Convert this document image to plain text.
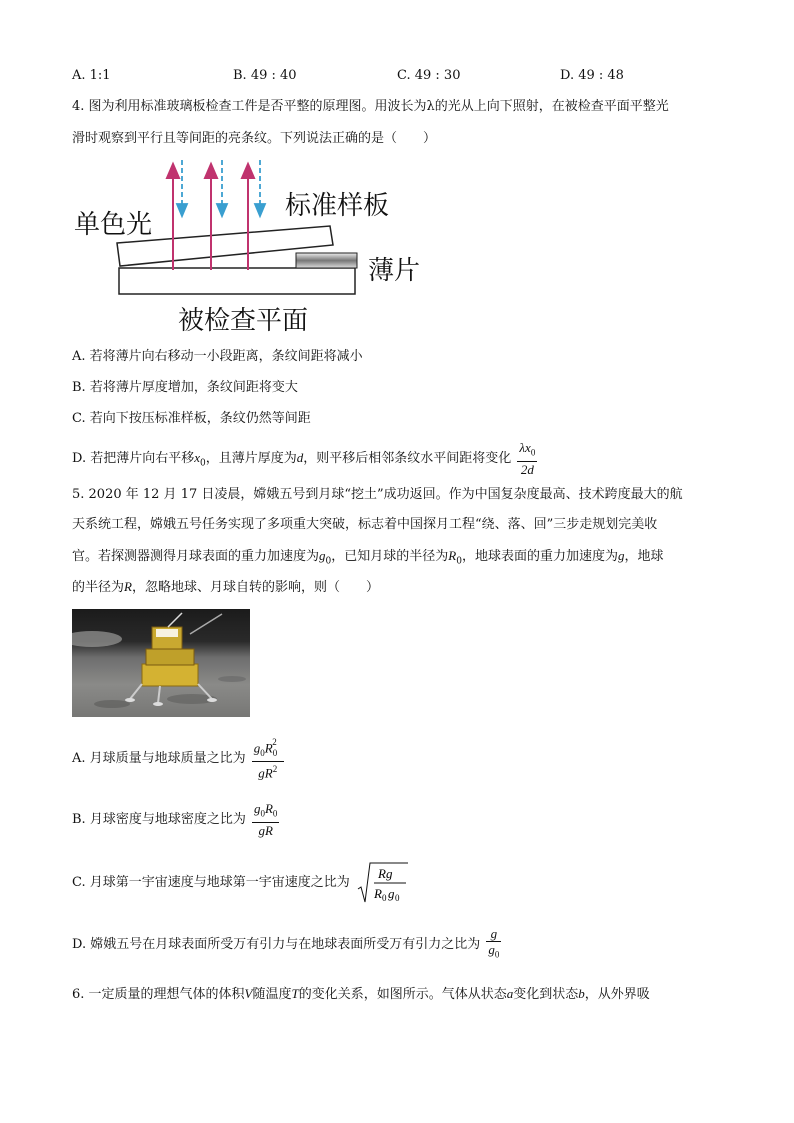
A. 1:1	B. 49 : 40	C. 49 : 30	D. 49 : 48
4. 图为利用标准玻璃板检查工件是否平整的原理图。用波长为λ的光从上向下照射，在被检查平面平整光
滑时观察到平行且等间距的亮条纹。下列说法正确的是（　　）
单色光
标准样板
薄片
被检查平面
A. 若将薄片向右移动一小段距离，条纹间距将减小
B. 若将薄片厚度增加，条纹间距将变大
C. 若向下按压标准样板，条纹仍然等间距
D. 若把薄片向右平移$x_0$，且薄片厚度为d，则平移后相邻条纹水平间距将变化 $\frac{\lambda x_0}{2d}$
5. 2020 年 12 月 17 日凌晨，嫦娥五号到月球“挖土”成功返回。作为中国复杂度最高、技术跨度最大的航
天系统工程，嫦娥五号任务实现了多项重大突破，标志着中国探月工程“绕、落、回”三步走规划完美收
官。若探测器测得月球表面的重力加速度为$g_0$，已知月球的半径为$R_0$，地球表面的重力加速度为g，地球
的半径为R，忽略地球、月球自转的影响，则（　　）
A. 月球质量与地球质量之比为 $\frac{g_0R_0^2}{gR^2}$
B. 月球密度与地球密度之比为 $\frac{g_0R_0}{gR}$
C. 月球第一宇宙速度与地球第一宇宙速度之比为
Rg
R 0 g 0
D. 嫦娥五号在月球表面所受万有引力与在地球表面所受万有引力之比为 $\frac{g}{g_0}$
6. 一定质量的理想气体的体积V随温度T的变化关系，如图所示。气体从状态a变化到状态b，从外界吸
